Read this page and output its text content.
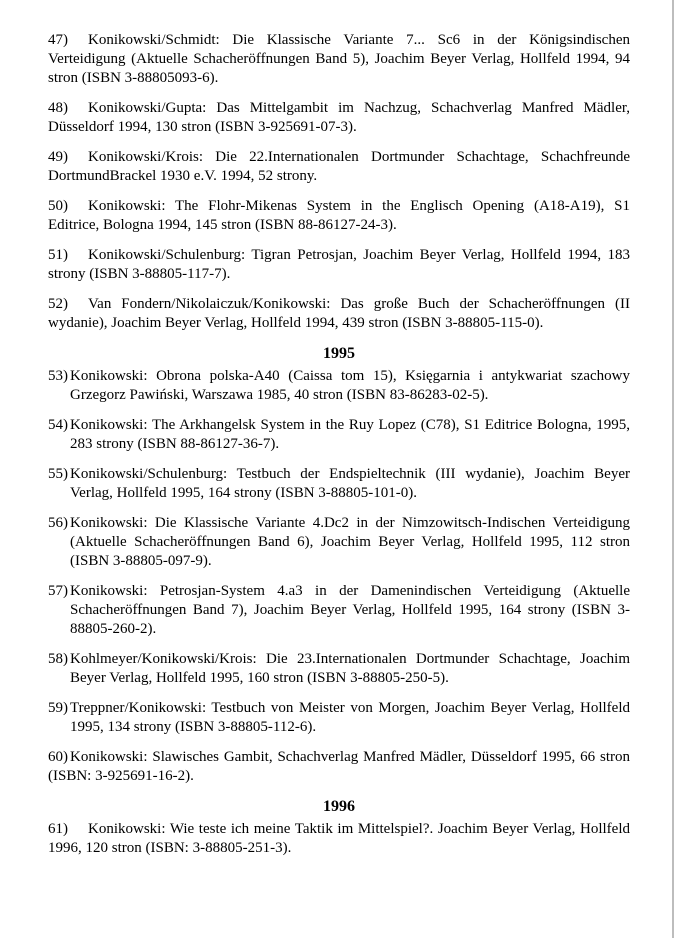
47) Konikowski/Schmidt: Die Klassische Variante 7... Sc6 in der Königsindischen Verteidigung (Aktuelle Schacheröffnungen Band 5), Joachim Beyer Verlag, Hollfeld 1994, 94 stron (ISBN 3-88805093-6).

48) Konikowski/Gupta: Das Mittelgambit im Nachzug, Schachverlag Manfred Mädler, Düsseldorf 1994, 130 stron (ISBN 3-925691-07-3).

49) Konikowski/Krois: Die 22.Internationalen Dortmunder Schachtage, Schachfreunde DortmundBrackel 1930 e.V. 1994, 52 strony.

50) Konikowski: The Flohr-Mikenas System in the Englisch Opening (A18-A19), S1 Editrice, Bologna 1994, 145 stron (ISBN 88-86127-24-3).

51) Konikowski/Schulenburg: Tigran Petrosjan, Joachim Beyer Verlag, Hollfeld 1994, 183 strony (ISBN 3-88805-117-7).

52) Van Fondern/Nikolaiczuk/Konikowski: Das große Buch der Schacheröffnungen (II wydanie), Joachim Beyer Verlag, Hollfeld 1994, 439 stron (ISBN 3-88805-115-0).

1995

53) Konikowski: Obrona polska-A40 (Caissa tom 15), Księgarnia i antykwariat szachowy Grzegorz Pawiński, Warszawa 1985, 40 stron (ISBN 83-86283-02-5).

54) Konikowski: The Arkhangelsk System in the Ruy Lopez (C78), S1 Editrice Bologna, 1995, 283 strony (ISBN 88-86127-36-7).

55) Konikowski/Schulenburg: Testbuch der Endspieltechnik (III wydanie), Joachim Beyer Verlag, Hollfeld 1995, 164 strony (ISBN 3-88805-101-0).

56) Konikowski: Die Klassische Variante 4.Dc2 in der Nimzowitsch-Indischen Verteidigung (Aktuelle Schacheröffnungen Band 6), Joachim Beyer Verlag, Hollfeld 1995, 112 stron (ISBN 3-88805-097-9).

57) Konikowski: Petrosjan-System 4.a3 in der Damenindischen Verteidigung (Aktuelle Schacheröffnungen Band 7), Joachim Beyer Verlag, Hollfeld 1995, 164 strony (ISBN 3-88805-260-2).

58) Kohlmeyer/Konikowski/Krois: Die 23.Internationalen Dortmunder Schachtage, Joachim Beyer Verlag, Hollfeld 1995, 160 stron (ISBN 3-88805-250-5).

59) Treppner/Konikowski: Testbuch von Meister von Morgen, Joachim Beyer Verlag, Hollfeld 1995, 134 strony (ISBN 3-88805-112-6).

60) Konikowski: Slawisches Gambit, Schachverlag Manfred Mädler, Düsseldorf 1995, 66 stron (ISBN: 3-925691-16-2).

1996

61) Konikowski: Wie teste ich meine Taktik im Mittelspiel?. Joachim Beyer Verlag, Hollfeld 1996, 120 stron (ISBN: 3-88805-251-3).
